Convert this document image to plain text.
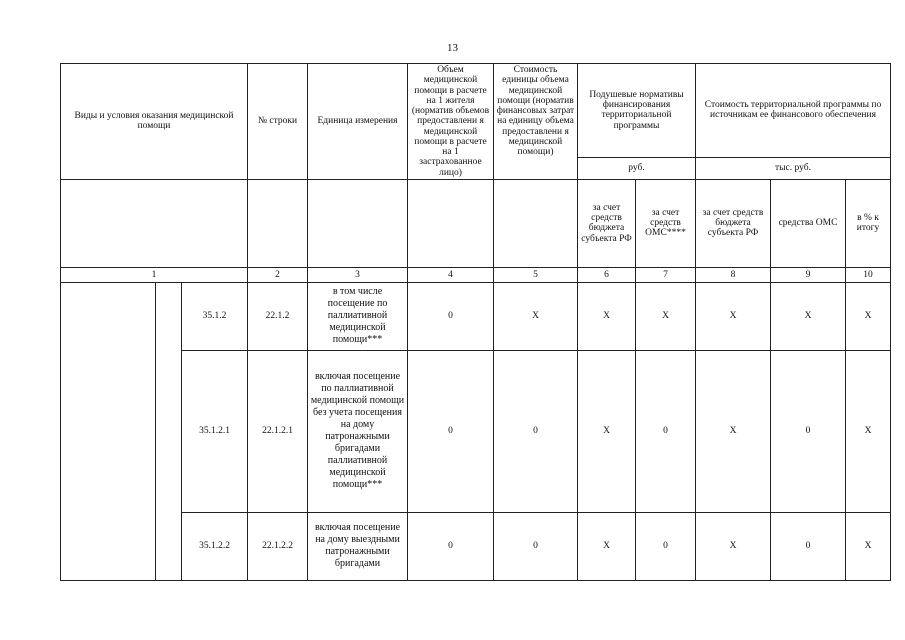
13
Виды и условия оказания медицинской помощи			№ строки	Единица измерения	Объем медицинской помощи в расчете на 1 жителя (норматив объемов предоставлени я медицинской помощи в расчете на 1 застрахованное лицо)	Стоимость единицы объема медицинской помощи (норматив финансовых затрат на единицу объема предоставлени я медицинской помощи)	Подушевые нормативы финансирования территориальной программы		Стоимость территориальной программы по источникам ее финансового обеспечения		
							руб.		тыс. руб.		
							за счет средств бюджета субъекта РФ	за счет средств ОМС****	за счет средств бюджета субъекта РФ	средства ОМС	в % к итогу
1			2	3	4	5	6	7	8	9	10
		35.1.2	22.1.2	в том числе посещение по паллиативной медицинской помощи***	0	X	X	X	X	X	X
		35.1.2.1	22.1.2.1	включая посещение по паллиативной медицинской помощи без учета посещения на дому патронажными бригадами паллиативной медицинской помощи***	0	0	X	0	X	0	X
		35.1.2.2	22.1.2.2	включая посещение на дому выездными патронажными бригадами	0	0	X	0	X	0	X
